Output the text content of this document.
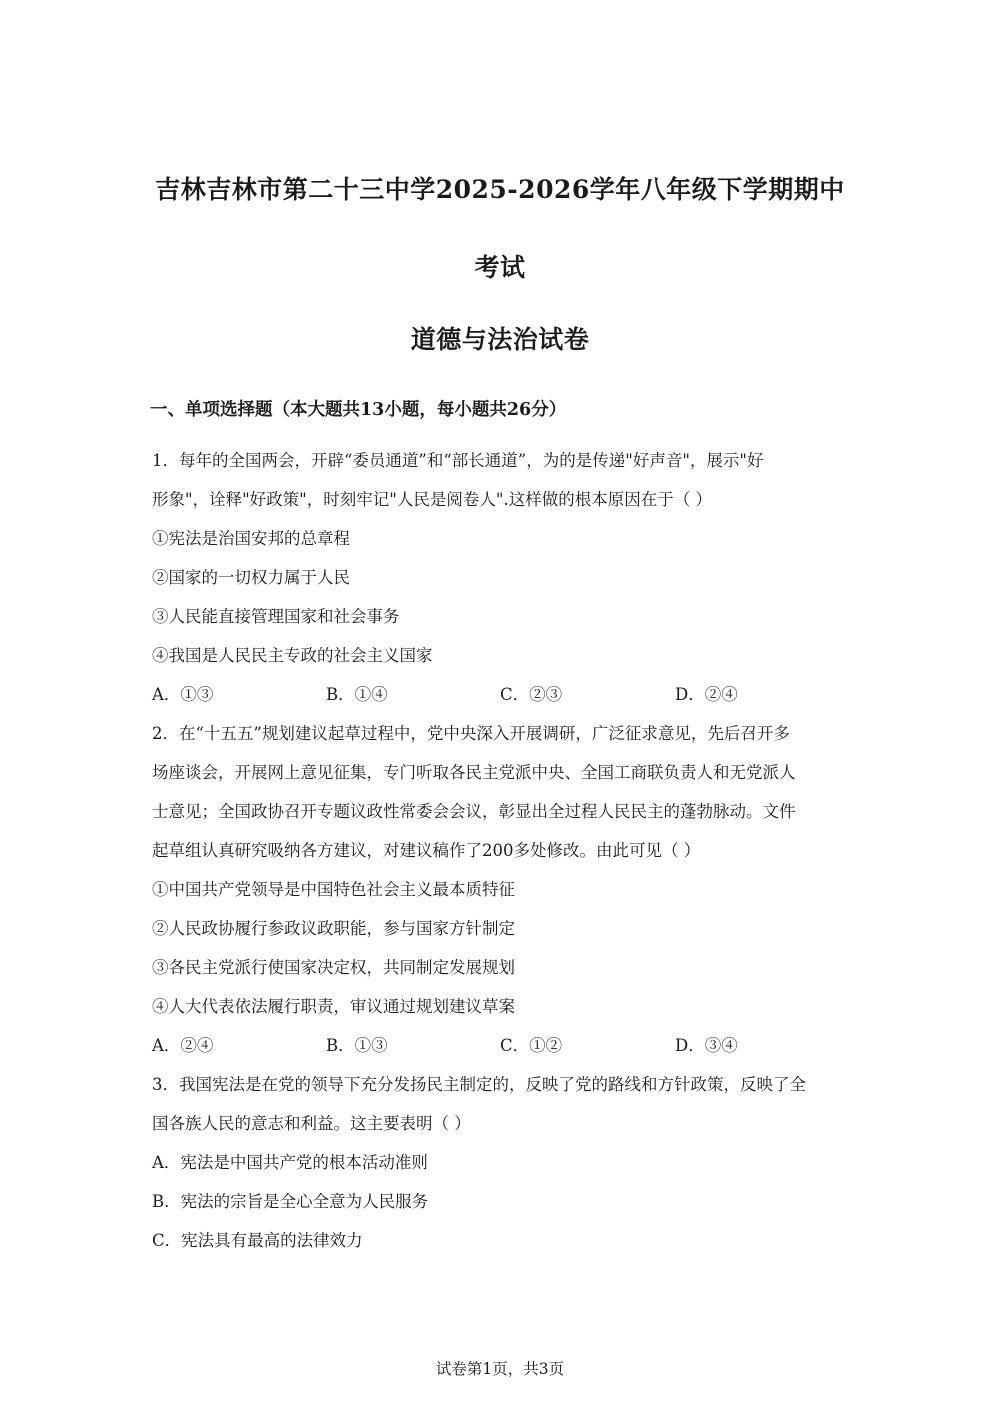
吉林吉林市第二十三中学2025-2026学年八年级下学期期中
考试
道德与法治试卷
一、单项选择题（本大题共13小题，每小题共26分）
1．每年的全国两会，开辟“委员通道”和“部长通道”，为的是传递"好声音"，展示"好
形象"，诠释"好政策"，时刻牢记"人民是阅卷人".这样做的根本原因在于（ ）
①宪法是治国安邦的总章程
②国家的一切权力属于人民
③人民能直接管理国家和社会事务
④我国是人民民主专政的社会主义国家
A．①③	B．①④	C．②③	D．②④
2．在“十五五”规划建议起草过程中，党中央深入开展调研，广泛征求意见，先后召开多
场座谈会，开展网上意见征集，专门听取各民主党派中央、全国工商联负责人和无党派人
士意见；全国政协召开专题议政性常委会会议，彰显出全过程人民民主的蓬勃脉动。文件
起草组认真研究吸纳各方建议，对建议稿作了200多处修改。由此可见（ ）
①中国共产党领导是中国特色社会主义最本质特征
②人民政协履行参政议政职能，参与国家方针制定
③各民主党派行使国家决定权，共同制定发展规划
④人大代表依法履行职责，审议通过规划建议草案
A．②④	B．①③	C．①②	D．③④
3．我国宪法是在党的领导下充分发扬民主制定的，反映了党的路线和方针政策，反映了全
国各族人民的意志和利益。这主要表明（ ）
A．宪法是中国共产党的根本活动准则
B．宪法的宗旨是全心全意为人民服务
C．宪法具有最高的法律效力
试卷第1页，共3页
